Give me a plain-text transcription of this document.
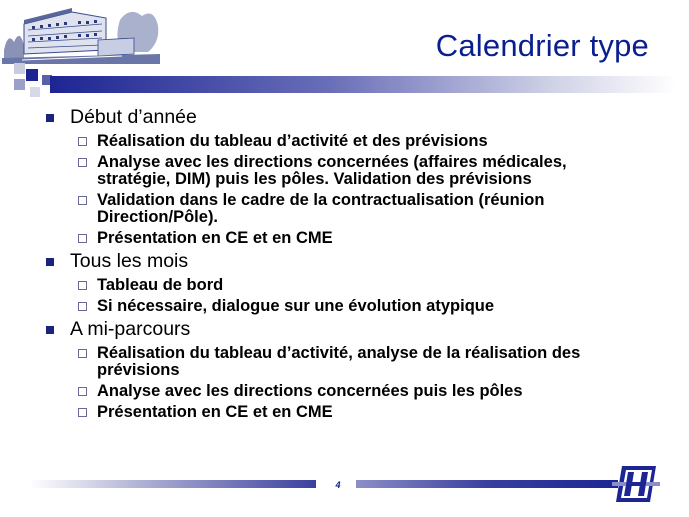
Calendrier type
Début d’année
Réalisation du tableau d’activité et des prévisions
Analyse avec les directions concernées (affaires médicales, stratégie, DIM) puis les pôles. Validation des prévisions
Validation dans le cadre de la contractualisation (réunion Direction/Pôle).
Présentation en CE et en CME
Tous les mois
Tableau de bord
Si nécessaire, dialogue sur une évolution atypique
A mi-parcours
Réalisation du tableau d’activité, analyse de la réalisation des prévisions
Analyse avec les directions concernées puis les pôles
Présentation en CE et en CME
4
